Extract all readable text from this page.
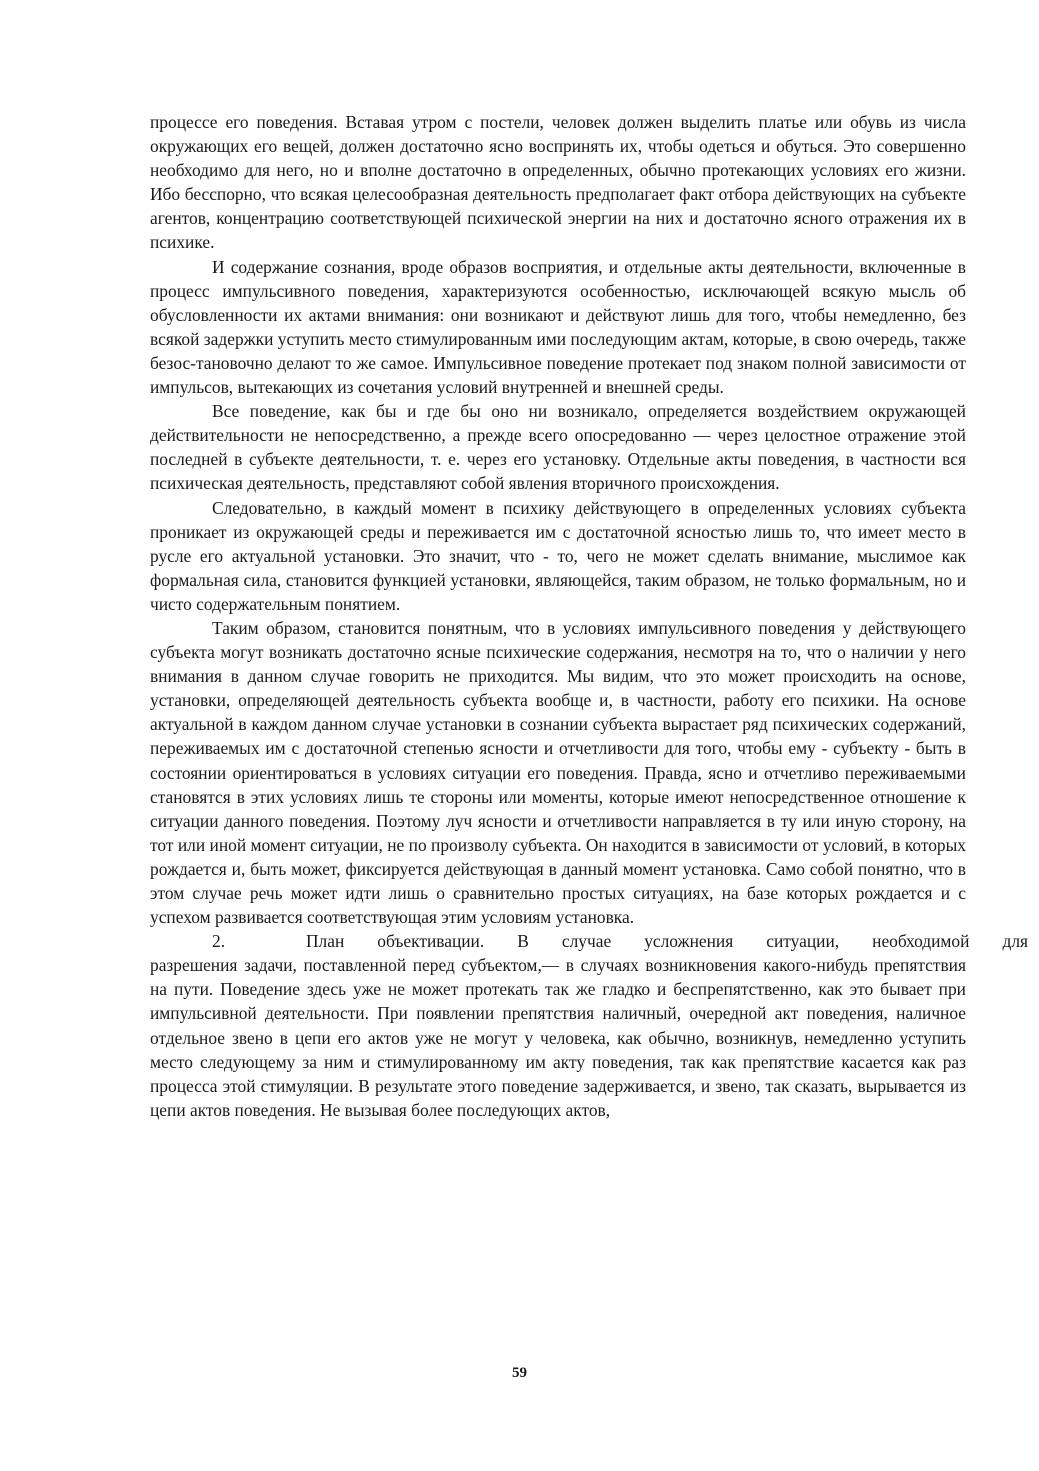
процессе его поведения. Вставая утром с постели, человек должен выделить платье или обувь из числа окружающих его вещей, должен достаточно ясно воспринять их, чтобы одеться и обуться. Это совершенно необходимо для него, но и вполне достаточно в определенных, обычно протекающих условиях его жизни. Ибо бесспорно, что всякая целесообразная деятельность предполагает факт отбора действующих на субъекте агентов, концентрацию соответствующей психической энергии на них и достаточно ясного отражения их в психике.

И содержание сознания, вроде образов восприятия, и отдельные акты деятельности, включенные в процесс импульсивного поведения, характеризуются особенностью, исключающей всякую мысль об обусловленности их актами внимания: они возникают и действуют лишь для того, чтобы немедленно, без всякой задержки уступить место стимулированным ими последующим актам, которые, в свою очередь, также безос-тановочно делают то же самое. Импульсивное поведение протекает под знаком полной зависимости от импульсов, вытекающих из сочетания условий внутренней и внешней среды.

Все поведение, как бы и где бы оно ни возникало, определяется воздействием окружающей действительности не непосредственно, а прежде всего опосредованно — через целостное отражение этой последней в субъекте деятельности, т. е. через его установку. Отдельные акты поведения, в частности вся психическая деятельность, представляют собой явления вторичного происхождения.

Следовательно, в каждый момент в психику действующего в определенных условиях субъекта проникает из окружающей среды и переживается им с достаточной ясностью лишь то, что имеет место в русле его актуальной установки. Это значит, что - то, чего не может сделать внимание, мыслимое как формальная сила, становится функцией установки, являющейся, таким образом, не только формальным, но и чисто содержательным понятием.

Таким образом, становится понятным, что в условиях импульсивного поведения у действующего субъекта могут возникать достаточно ясные психические содержания, несмотря на то, что о наличии у него внимания в данном случае говорить не приходится. Мы видим, что это может происходить на основе, установки, определяющей деятельность субъекта вообще и, в частности, работу его психики. На основе актуальной в каждом данном случае установки в сознании субъекта вырастает ряд психических содержаний, переживаемых им с достаточной степенью ясности и отчетливости для того, чтобы ему - субъекту - быть в состоянии ориентироваться в условиях ситуации его поведения. Правда, ясно и отчетливо переживаемыми становятся в этих условиях лишь те стороны или моменты, которые имеют непосредственное отношение к ситуации данного поведения. Поэтому луч ясности и отчетливости направляется в ту или иную сторону, на тот или иной момент ситуации, не по произволу субъекта. Он находится в зависимости от условий, в которых рождается и, быть может, фиксируется действующая в данный момент установка. Само собой понятно, что в этом случае речь может идти лишь о сравнительно простых ситуациях, на базе которых рождается и с успехом развивается соответствующая этим условиям установка.

2.	План объективации. В случае усложнения ситуации, необходимой для

разрешения задачи, поставленной перед субъектом,— в случаях возникновения какого-нибудь препятствия на пути. Поведение здесь уже не может протекать так же гладко и беспрепятственно, как это бывает при импульсивной деятельности. При появлении препятствия наличный, очередной акт поведения, наличное отдельное звено в цепи его актов уже не могут у человека, как обычно, возникнув, немедленно уступить место следующему за ним и стимулированному им акту поведения, так как препятствие касается как раз процесса этой стимуляции. В результате этого поведение задерживается, и звено, так сказать, вырывается из цепи актов поведения. Не вызывая более последующих актов,

59
